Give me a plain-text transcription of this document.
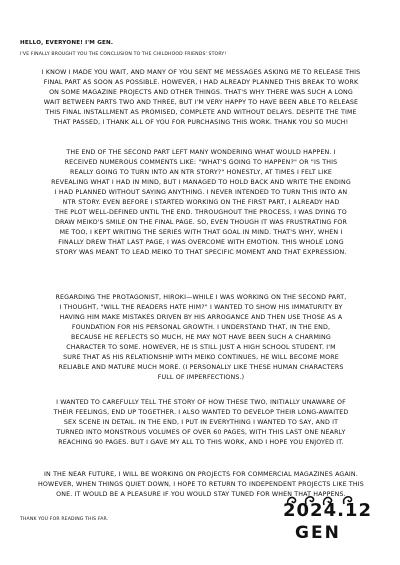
HELLO, EVERYONE! I'M GEN.
I'VE FINALLY BROUGHT YOU THE CONCLUSION TO THE CHILDHOOD FRIENDS' STORY!
I KNOW I MADE YOU WAIT, AND MANY OF YOU SENT ME MESSAGES ASKING ME TO RELEASE THIS
FINAL PART AS SOON AS POSSIBLE. HOWEVER, I HAD ALREADY PLANNED THIS BREAK TO WORK
ON SOME MAGAZINE PROJECTS AND OTHER THINGS. THAT'S WHY THERE WAS SUCH A LONG
WAIT BETWEEN PARTS TWO AND THREE, BUT I'M VERY HAPPY TO HAVE BEEN ABLE TO RELEASE
THIS FINAL INSTALLMENT AS PROMISED, COMPLETE AND WITHOUT DELAYS. DESPITE THE TIME
THAT PASSED, I THANK ALL OF YOU FOR PURCHASING THIS WORK. THANK YOU SO MUCH!
THE END OF THE SECOND PART LEFT MANY WONDERING WHAT WOULD HAPPEN. I
RECEIVED NUMEROUS COMMENTS LIKE: "WHAT'S GOING TO HAPPEN?" OR "IS THIS
REALLY GOING TO TURN INTO AN NTR STORY?" HONESTLY, AT TIMES I FELT LIKE
REVEALING WHAT I HAD IN MIND, BUT I MANAGED TO HOLD BACK AND WRITE THE ENDING
I HAD PLANNED WITHOUT SAYING ANYTHING. I NEVER INTENDED TO TURN THIS INTO AN
NTR STORY. EVEN BEFORE I STARTED WORKING ON THE FIRST PART, I ALREADY HAD
THE PLOT WELL-DEFINED UNTIL THE END. THROUGHOUT THE PROCESS, I WAS DYING TO
DRAW MEIKO'S SMILE ON THE FINAL PAGE. SO, EVEN THOUGH IT WAS FRUSTRATING FOR
ME TOO, I KEPT WRITING THE SERIES WITH THAT GOAL IN MIND. THAT'S WHY, WHEN I
FINALLY DREW THAT LAST PAGE, I WAS OVERCOME WITH EMOTION. THIS WHOLE LONG
STORY WAS MEANT TO LEAD MEIKO TO THAT SPECIFIC MOMENT AND THAT EXPRESSION.
REGARDING THE PROTAGONIST, HIROKI—WHILE I WAS WORKING ON THE SECOND PART,
I THOUGHT, "WILL THE READERS HATE HIM?" I WANTED TO SHOW HIS IMMATURITY BY
HAVING HIM MAKE MISTAKES DRIVEN BY HIS ARROGANCE AND THEN USE THOSE AS A
FOUNDATION FOR HIS PERSONAL GROWTH. I UNDERSTAND THAT, IN THE END,
BECAUSE HE REFLECTS SO MUCH, HE MAY NOT HAVE BEEN SUCH A CHARMING
CHARACTER TO SOME. HOWEVER, HE IS STILL JUST A HIGH SCHOOL STUDENT. I'M
SURE THAT AS HIS RELATIONSHIP WITH MEIKO CONTINUES, HE WILL BECOME MORE
RELIABLE AND MATURE MUCH MORE. (I PERSONALLY LIKE THESE HUMAN CHARACTERS
FULL OF IMPERFECTIONS.)
I WANTED TO CAREFULLY TELL THE STORY OF HOW THESE TWO, INITIALLY UNAWARE OF
THEIR FEELINGS, END UP TOGETHER. I ALSO WANTED TO DEVELOP THEIR LONG-AWAITED
SEX SCENE IN DETAIL. IN THE END, I PUT IN EVERYTHING I WANTED TO SAY, AND IT
TURNED INTO MONSTROUS VOLUMES OF OVER 60 PAGES, WITH THIS LAST ONE NEARLY
REACHING 90 PAGES. BUT I GAVE MY ALL TO THIS WORK, AND I HOPE YOU ENJOYED IT.
IN THE NEAR FUTURE, I WILL BE WORKING ON PROJECTS FOR COMMERCIAL MAGAZINES AGAIN.
HOWEVER, WHEN THINGS QUIET DOWN, I HOPE TO RETURN TO INDEPENDENT PROJECTS LIKE THIS
ONE. IT WOULD BE A PLEASURE IF YOU WOULD STAY TUNED FOR WHEN THAT HAPPENS.
THANK YOU FOR READING THIS FAR.	2024.12
GEN
